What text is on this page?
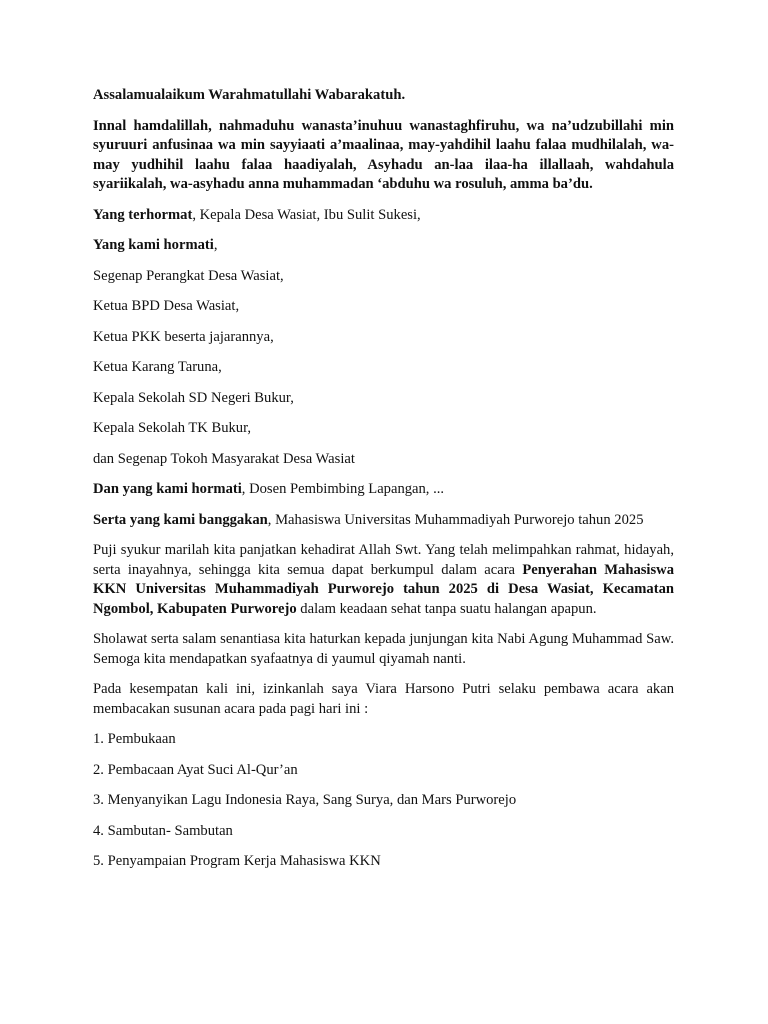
Assalamualaikum Warahmatullahi Wabarakatuh.

Innal hamdalillah, nahmaduhu wanasta’inuhuu wanastaghfiruhu, wa na’udzubillahi min syuruuri anfusinaa wa min sayyiaati a’maalinaa, may-yahdihil laahu falaa mudhilalah, wa-may yudhihil laahu falaa haadiyalah, Asyhadu an-laa ilaa-ha illallaah, wahdahula syariikalah, wa-asyhadu anna muhammadan ‘abduhu wa rosuluh, amma ba’du.

Yang terhormat, Kepala Desa Wasiat, Ibu Sulit Sukesi,

Yang kami hormati,

Segenap Perangkat Desa Wasiat,

Ketua BPD Desa Wasiat,

Ketua PKK beserta jajarannya,

Ketua Karang Taruna,

Kepala Sekolah SD Negeri Bukur,

Kepala Sekolah TK Bukur,

dan Segenap Tokoh Masyarakat Desa Wasiat

Dan yang kami hormati, Dosen Pembimbing Lapangan, ...

Serta yang kami banggakan, Mahasiswa Universitas Muhammadiyah Purworejo tahun 2025

Puji syukur marilah kita panjatkan kehadirat Allah Swt. Yang telah melimpahkan rahmat, hidayah, serta inayahnya, sehingga kita semua dapat berkumpul dalam acara Penyerahan Mahasiswa KKN Universitas Muhammadiyah Purworejo tahun 2025 di Desa Wasiat, Kecamatan Ngombol, Kabupaten Purworejo dalam keadaan sehat tanpa suatu halangan apapun.

Sholawat serta salam senantiasa kita haturkan kepada junjungan kita Nabi Agung Muhammad Saw. Semoga kita mendapatkan syafaatnya di yaumul qiyamah nanti.

Pada kesempatan kali ini, izinkanlah saya Viara Harsono Putri selaku pembawa acara akan membacakan susunan acara pada pagi hari ini :

1. Pembukaan

2. Pembacaan Ayat Suci Al-Qur’an

3. Menyanyikan Lagu Indonesia Raya, Sang Surya, dan Mars Purworejo

4. Sambutan- Sambutan

5. Penyampaian Program Kerja Mahasiswa KKN
